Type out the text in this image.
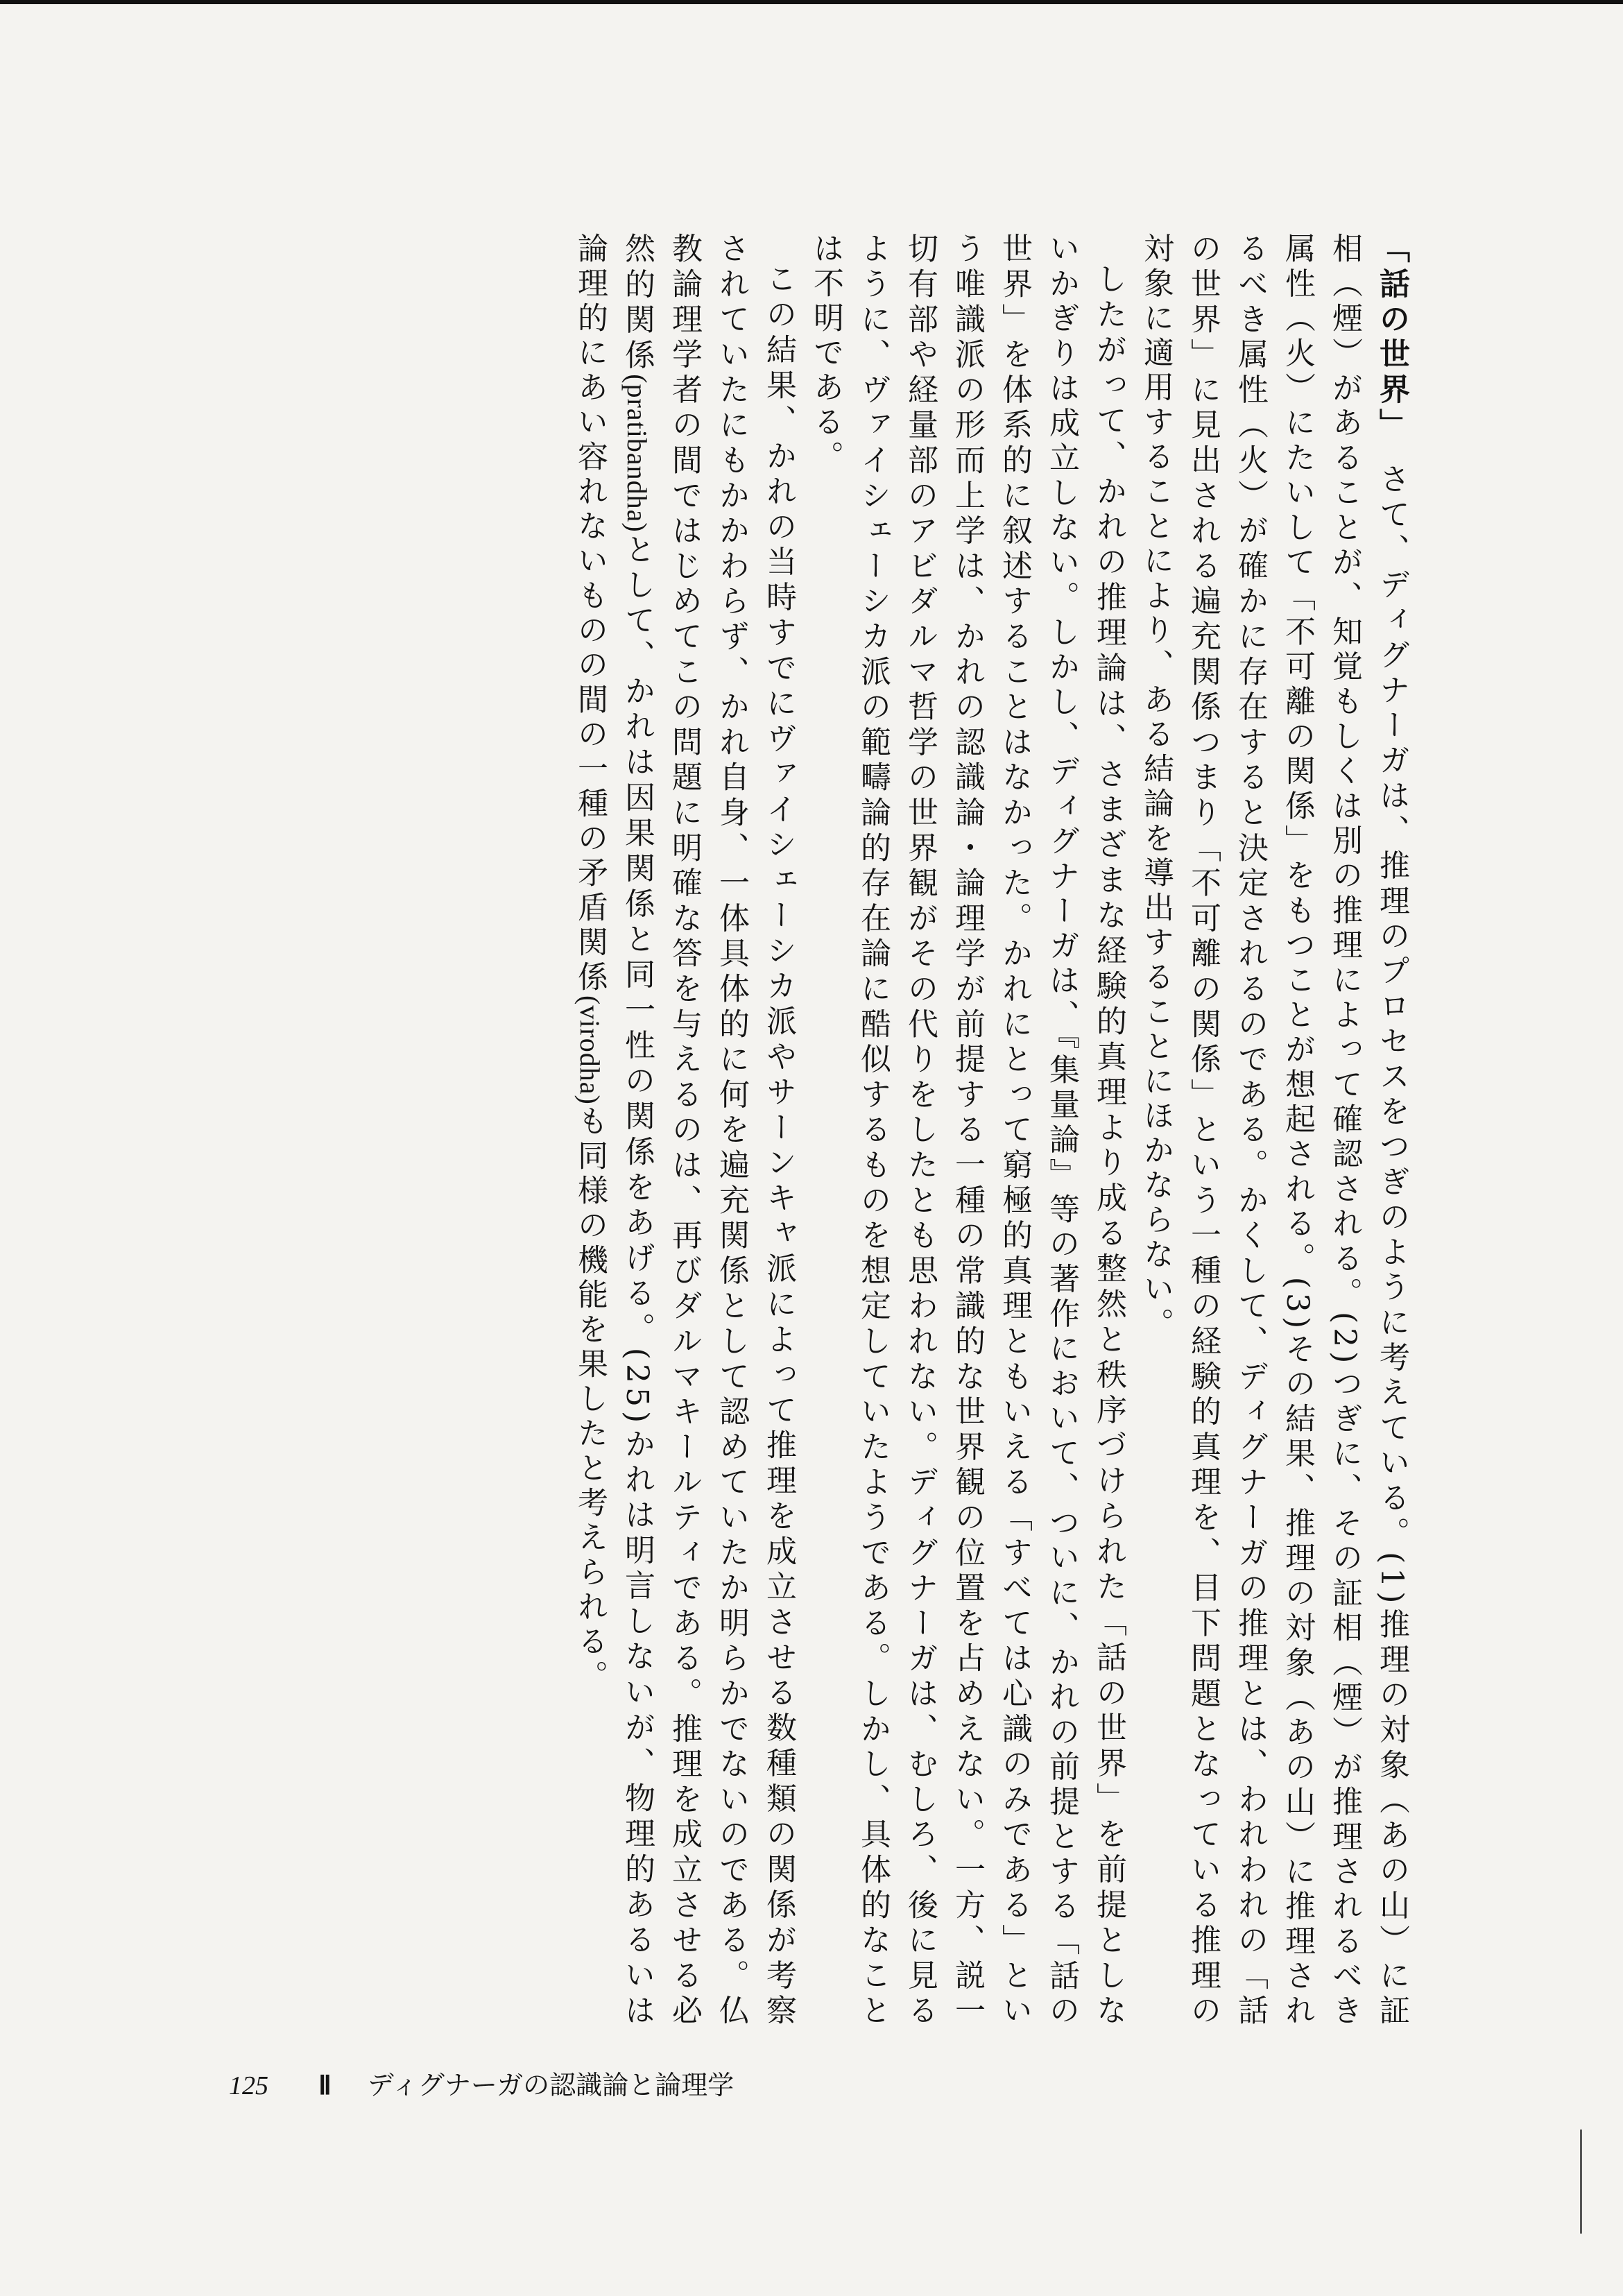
「話の世界」　さて、ディグナーガは、推理のプロセスをつぎのように考えている。(1)推理の対象（あの山）に証相（煙）があることが、知覚もしくは別の推理によって確認される。(2)つぎに、その証相（煙）が推理されるべき属性（火）にたいして「不可離の関係」をもつことが想起される。(3)その結果、推理の対象（あの山）に推理されるべき属性（火）が確かに存在すると決定されるのである。かくして、ディグナーガの推理とは、われわれの「話の世界」に見出される遍充関係つまり「不可離の関係」という一種の経験的真理を、目下問題となっている推理の対象に適用することにより、ある結論を導出することにほかならない。

したがって、かれの推理論は、さまざまな経験的真理より成る整然と秩序づけられた「話の世界」を前提としないかぎりは成立しない。しかし、ディグナーガは、『集量論』等の著作において、ついに、かれの前提とする「話の世界」を体系的に叙述することはなかった。かれにとって窮極的真理ともいえる「すべては心識のみである」という唯識派の形而上学は、かれの認識論・論理学が前提する一種の常識的な世界観の位置を占めえない。一方、説一切有部や経量部のアビダルマ哲学の世界観がその代りをしたとも思われない。ディグナーガは、むしろ、後に見るように、ヴァイシェーシカ派の範疇論的存在論に酷似するものを想定していたようである。しかし、具体的なことは不明である。

この結果、かれの当時すでにヴァイシェーシカ派やサーンキャ派によって推理を成立させる数種類の関係が考察されていたにもかかわらず、かれ自身、一体具体的に何を遍充関係として認めていたか明らかでないのである。仏教論理学者の間ではじめてこの問題に明確な答を与えるのは、再びダルマキールティである。推理を成立させる必然的関係(pratibandha)として、かれは因果関係と同一性の関係をあげる。(25)かれは明言しないが、物理的あるいは論理的にあい容れないものの間の一種の矛盾関係(virodha)も同様の機能を果したと考えられる。

125 Ⅱ ディグナーガの認識論と論理学
